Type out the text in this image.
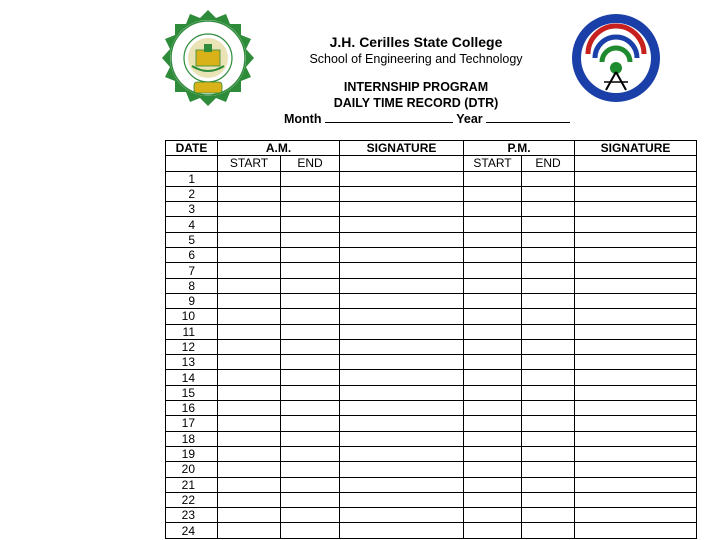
J.H. Cerilles State College
School of Engineering and Technology
INTERNSHIP PROGRAM
DAILY TIME RECORD (DTR)
Month	Year
DATE	A.M.		SIGNATURE	P.M.		SIGNATURE
	START	END		START	END	
1						
2						
3						
4						
5						
6						
7						
8						
9						
10						
11						
12						
13						
14						
15						
16						
17						
18						
19						
20						
21						
22						
23						
24						
